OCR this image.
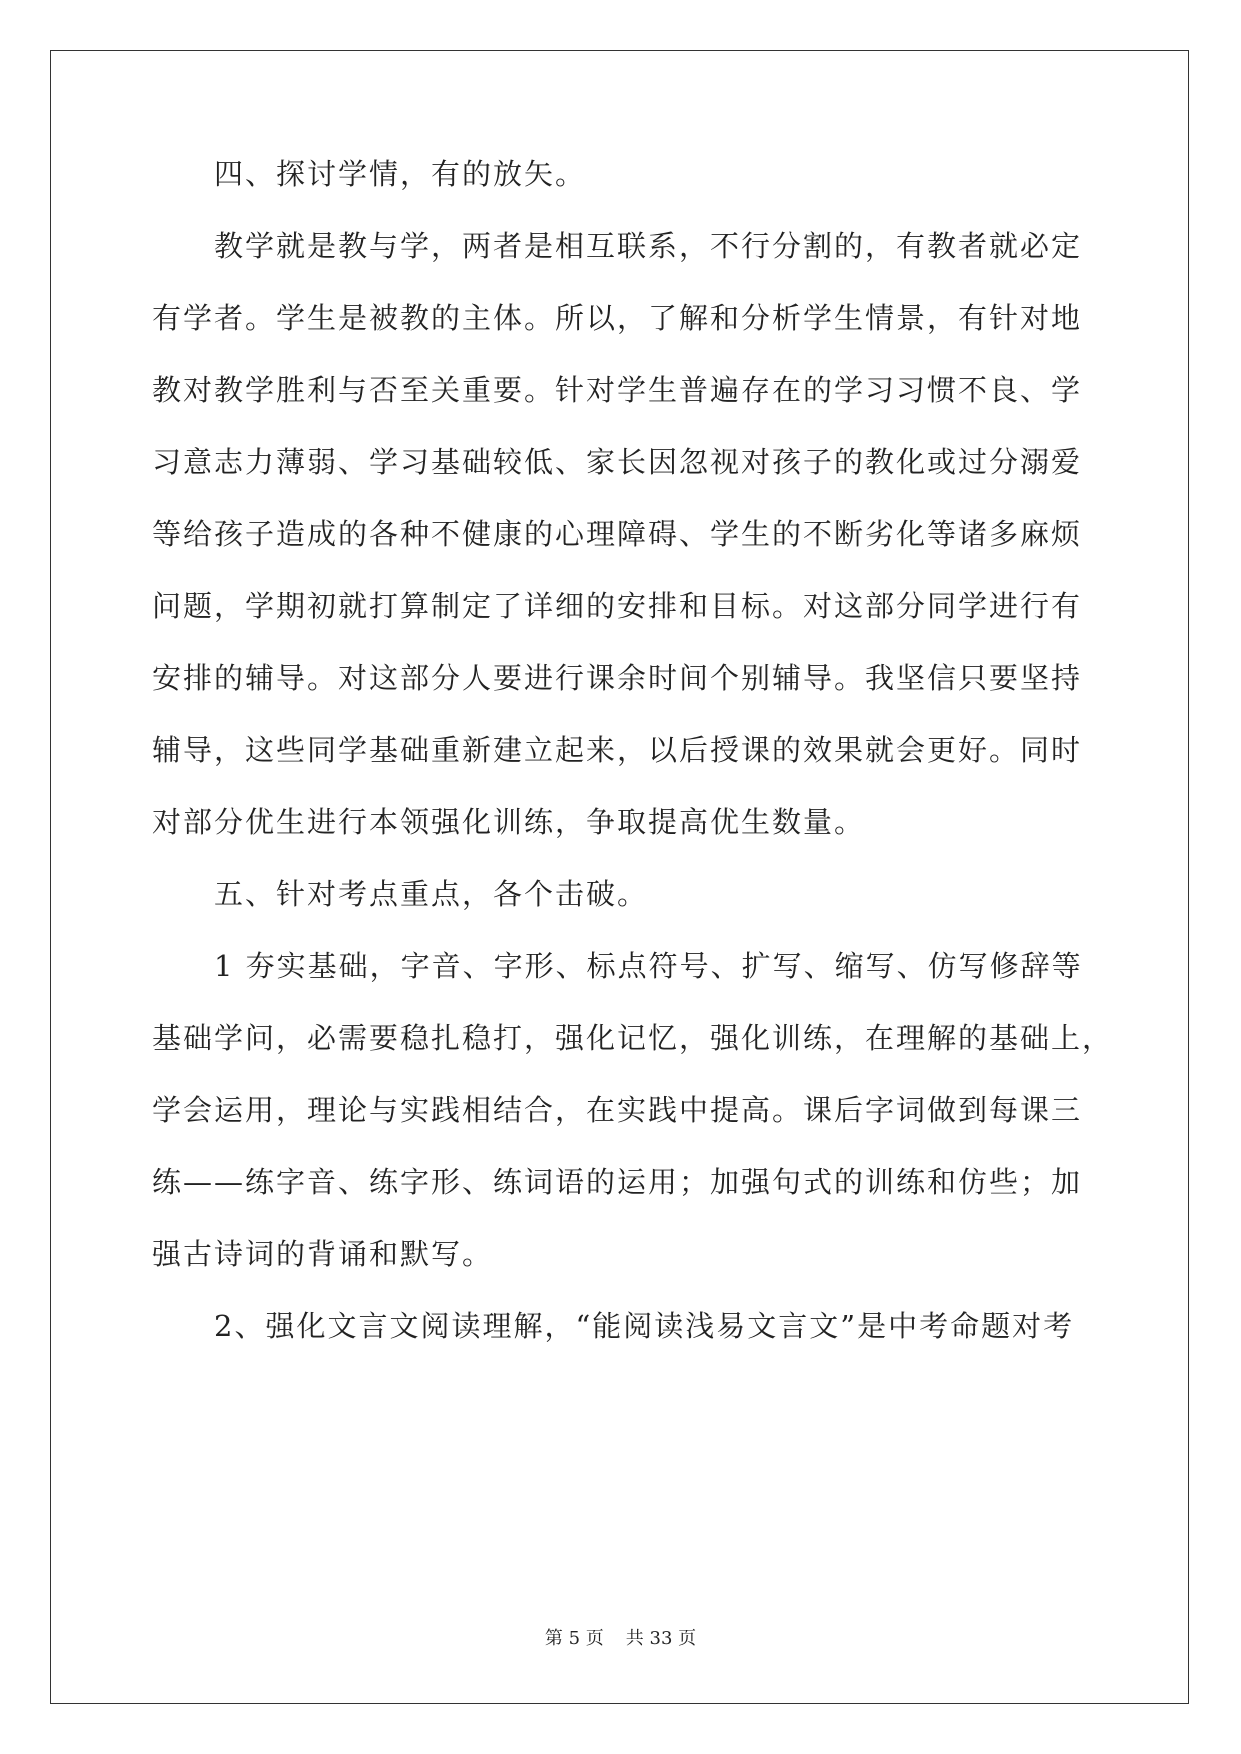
四、探讨学情，有的放矢。
教学就是教与学，两者是相互联系，不行分割的，有教者就必定
有学者。学生是被教的主体。所以，了解和分析学生情景，有针对地
教对教学胜利与否至关重要。针对学生普遍存在的学习习惯不良、学
习意志力薄弱、学习基础较低、家长因忽视对孩子的教化或过分溺爱
等给孩子造成的各种不健康的心理障碍、学生的不断劣化等诸多麻烦
问题，学期初就打算制定了详细的安排和目标。对这部分同学进行有
安排的辅导。对这部分人要进行课余时间个别辅导。我坚信只要坚持
辅导，这些同学基础重新建立起来，以后授课的效果就会更好。同时
对部分优生进行本领强化训练，争取提高优生数量。
五、针对考点重点，各个击破。
1 夯实基础，字音、字形、标点符号、扩写、缩写、仿写修辞等
基础学问，必需要稳扎稳打，强化记忆，强化训练，在理解的基础上，
学会运用，理论与实践相结合，在实践中提高。课后字词做到每课三
练——练字音、练字形、练词语的运用；加强句式的训练和仿些；加
强古诗词的背诵和默写。
2、强化文言文阅读理解，“能阅读浅易文言文”是中考命题对考
第 5 页 共 33 页
